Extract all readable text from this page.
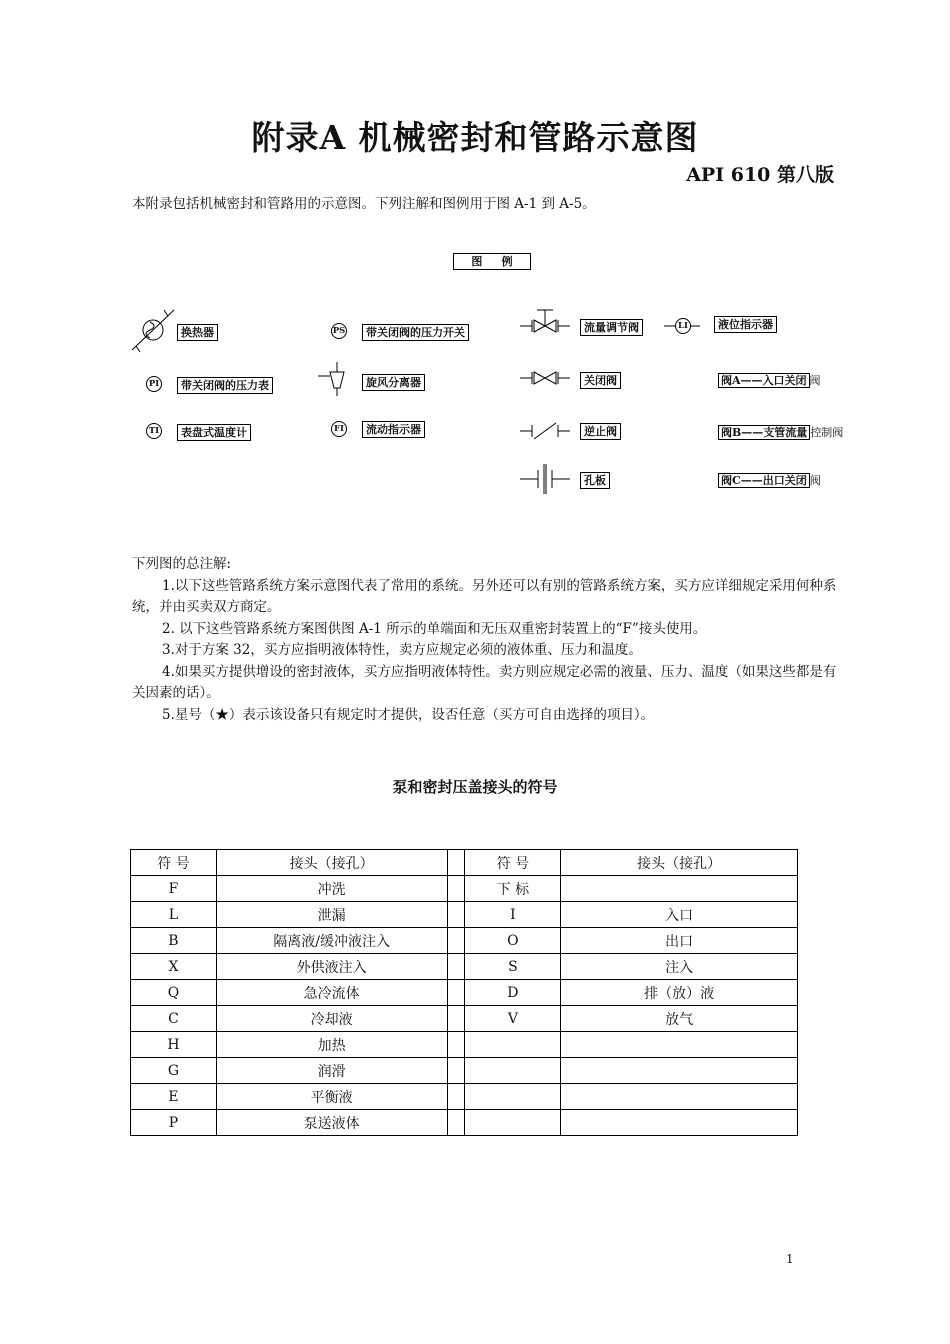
附录A 机械密封和管路示意图
API 610 第八版
本附录包括机械密封和管路用的示意图。下列注解和图例用于图 A-1 到 A-5。
图     例
换热器	PS	带关闭阀的压力开关	流量调节阀	LI	液位指示器
PI	带关闭阀的压力表	旋风分离器	关闭阀	阀A——入口关闭 阀
TI	表盘式温度计	FI	流动指示器	逆止阀	阀B——支管流量 控制阀
孔板	阀C——出口关闭 阀

下列图的总注解:

1.以下这些管路系统方案示意图代表了常用的系统。另外还可以有别的管路系统方案，买方应详细规定采用何种系统，并由买卖双方商定。

2. 以下这些管路系统方案图供图 A-1 所示的单端面和无压双重密封装置上的“F”接头使用。

3.对于方案 32，买方应指明液体特性，卖方应规定必须的液体重、压力和温度。

4.如果买方提供增设的密封液体，买方应指明液体特性。卖方则应规定必需的液量、压力、温度（如果这些都是有关因素的话）。

5.星号（★）表示该设备只有规定时才提供，设否任意（买方可自由选择的项目）。

泵和密封压盖接头的符号
符 号	接头（接孔）		符 号	接头（接孔）
F	冲洗		下 标	
L	泄漏		I	入口
B	隔离液/缓冲液注入		O	出口
X	外供液注入		S	注入
Q	急冷流体		D	排（放）液
C	冷却液		V	放气
H	加热			
G	润滑			
E	平衡液			
P	泵送液体			
1
